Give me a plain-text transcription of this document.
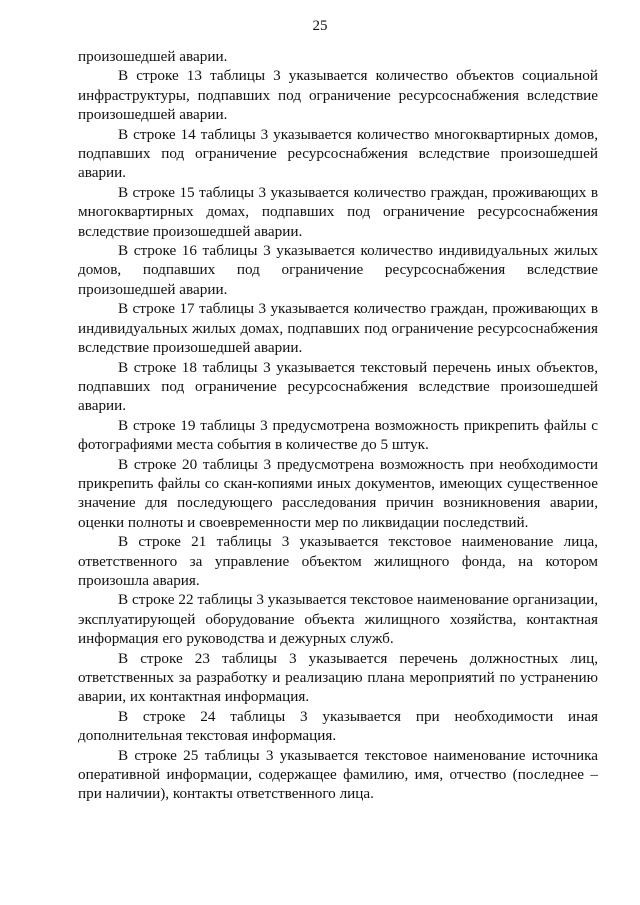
25

произошедшей аварии.

В строке 13 таблицы 3 указывается количество объектов социальной инфраструктуры, подпавших под ограничение ресурсоснабжения вследствие произошедшей аварии.

В строке 14 таблицы 3 указывается количество многоквартирных домов, подпавших под ограничение ресурсоснабжения вследствие произошедшей аварии.

В строке 15 таблицы 3 указывается количество граждан, проживающих в многоквартирных домах, подпавших под ограничение ресурсоснабжения вследствие произошедшей аварии.

В строке 16 таблицы 3 указывается количество индивидуальных жилых домов, подпавших под ограничение ресурсоснабжения вследствие произошедшей аварии.

В строке 17 таблицы 3 указывается количество граждан, проживающих в индивидуальных жилых домах, подпавших под ограничение ресурсоснабжения вследствие произошедшей аварии.

В строке 18 таблицы 3 указывается текстовый перечень иных объектов, подпавших под ограничение ресурсоснабжения вследствие произошедшей аварии.

В строке 19 таблицы 3 предусмотрена возможность прикрепить файлы с фотографиями места события в количестве до 5 штук.

В строке 20 таблицы 3 предусмотрена возможность при необходимости прикрепить файлы со скан-копиями иных документов, имеющих существенное значение для последующего расследования причин возникновения аварии, оценки полноты и своевременности мер по ликвидации последствий.

В строке 21 таблицы 3 указывается текстовое наименование лица, ответственного за управление объектом жилищного фонда, на котором произошла авария.

В строке 22 таблицы 3 указывается текстовое наименование организации, эксплуатирующей оборудование объекта жилищного хозяйства, контактная информация его руководства и дежурных служб.

В строке 23 таблицы 3 указывается перечень должностных лиц, ответственных за разработку и реализацию плана мероприятий по устранению аварии, их контактная информация.

В строке 24 таблицы 3 указывается при необходимости иная дополнительная текстовая информация.

В строке 25 таблицы 3 указывается текстовое наименование источника оперативной информации, содержащее фамилию, имя, отчество (последнее – при наличии), контакты ответственного лица.
